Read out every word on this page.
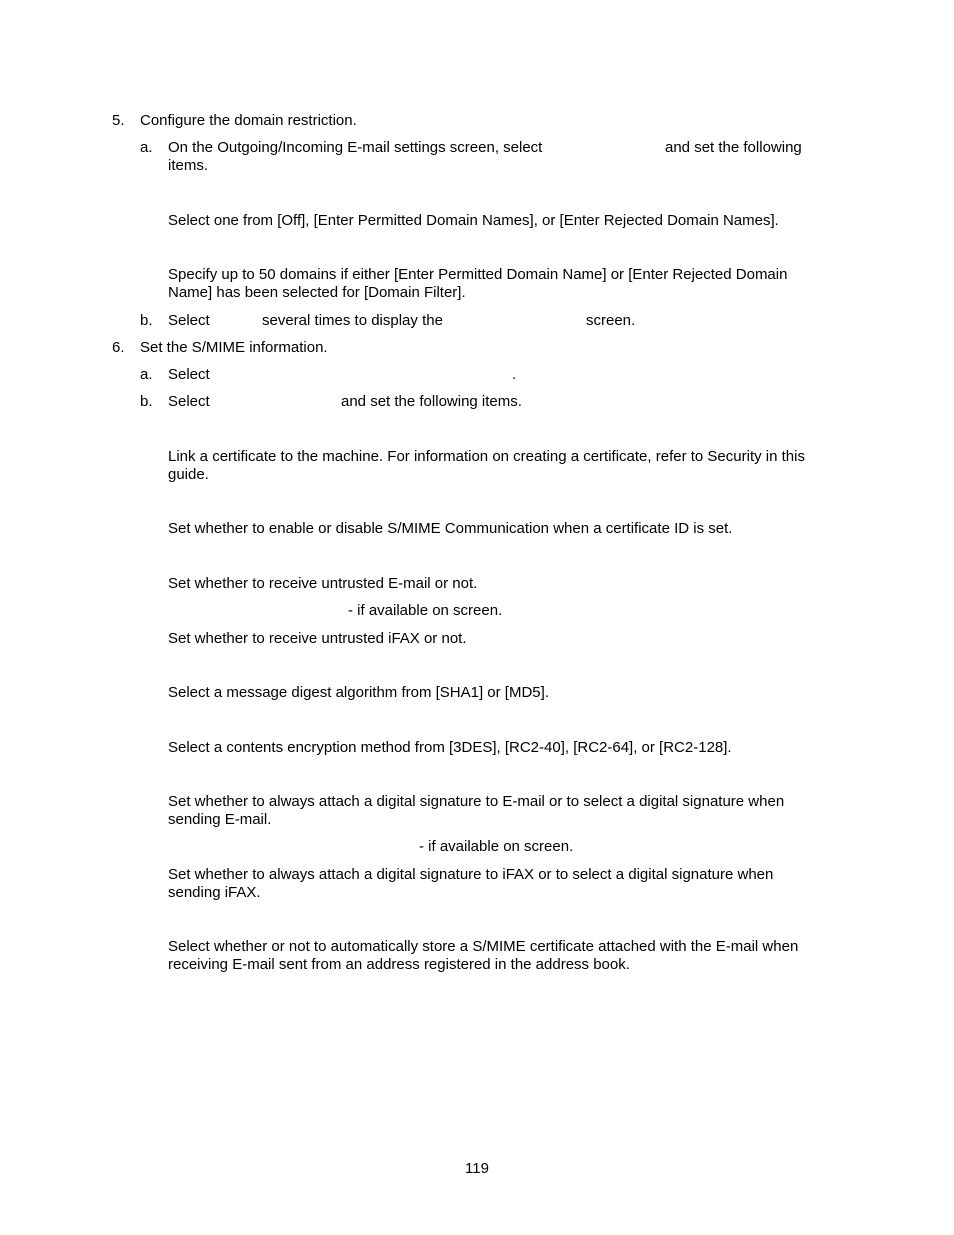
5. Configure the domain restriction.

a. On the Outgoing/Incoming E-mail settings screen, select	and set the following

items.

Select one from [Off], [Enter Permitted Domain Names], or [Enter Rejected Domain Names].

Specify up to 50 domains if either [Enter Permitted Domain Name] or [Enter Rejected Domain Name] has been selected for [Domain Filter].

b. Select	several times to display the	screen.

6. Set the S/MIME information.

a. Select	.

b. Select	and set the following items.

Link a certificate to the machine. For information on creating a certificate, refer to Security in this guide.

Set whether to enable or disable S/MIME Communication when a certificate ID is set.

Set whether to receive untrusted E-mail or not.

- if available on screen.

Set whether to receive untrusted iFAX or not.

Select a message digest algorithm from [SHA1] or [MD5].

Select a contents encryption method from [3DES], [RC2-40], [RC2-64], or [RC2-128].

Set whether to always attach a digital signature to E-mail or to select a digital signature when sending E-mail.

- if available on screen.

Set whether to always attach a digital signature to iFAX or to select a digital signature when sending iFAX.

Select whether or not to automatically store a S/MIME certificate attached with the E-mail when receiving E-mail sent from an address registered in the address book.

119
